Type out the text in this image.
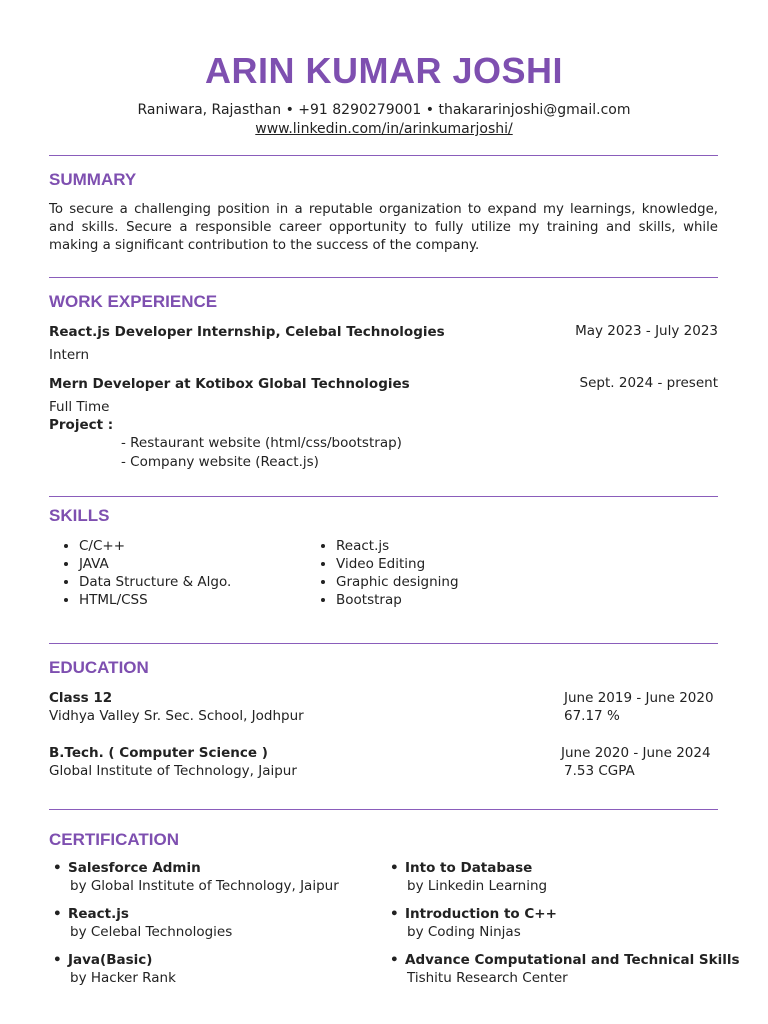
ARIN KUMAR JOSHI
Raniwara, Rajasthan • +91 8290279001 • thakararinjoshi@gmail.com
www.linkedin.com/in/arinkumarjoshi/
SUMMARY
To secure a challenging position in a reputable organization to expand my learnings, knowledge, and skills. Secure a responsible career opportunity to fully utilize my training and skills, while making a significant contribution to the success of the company.
WORK EXPERIENCE
React.js Developer Internship, Celebal Technologies	May 2023 - July 2023
Intern
Mern Developer at Kotibox Global Technologies	Sept. 2024 - present
Full Time
Project :
- Restaurant website (html/css/bootstrap)
- Company website (React.js)
SKILLS
• C/C++
• JAVA
• Data Structure & Algo.
• HTML/CSS
• React.js
• Video Editing
• Graphic designing
• Bootstrap
EDUCATION
Class 12	June 2019 - June 2020
Vidhya Valley Sr. Sec. School, Jodhpur	67.17 %
B.Tech. ( Computer Science )	June 2020 - June 2024
Global Institute of Technology, Jaipur	7.53 CGPA
CERTIFICATION
• Salesforce Admin
by Global Institute of Technology, Jaipur
• React.js
by Celebal Technologies
• Java(Basic)
by Hacker Rank
• Into to Database
by Linkedin Learning
• Introduction to C++
by Coding Ninjas
• Advance Computational and Technical Skills
Tishitu Research Center
